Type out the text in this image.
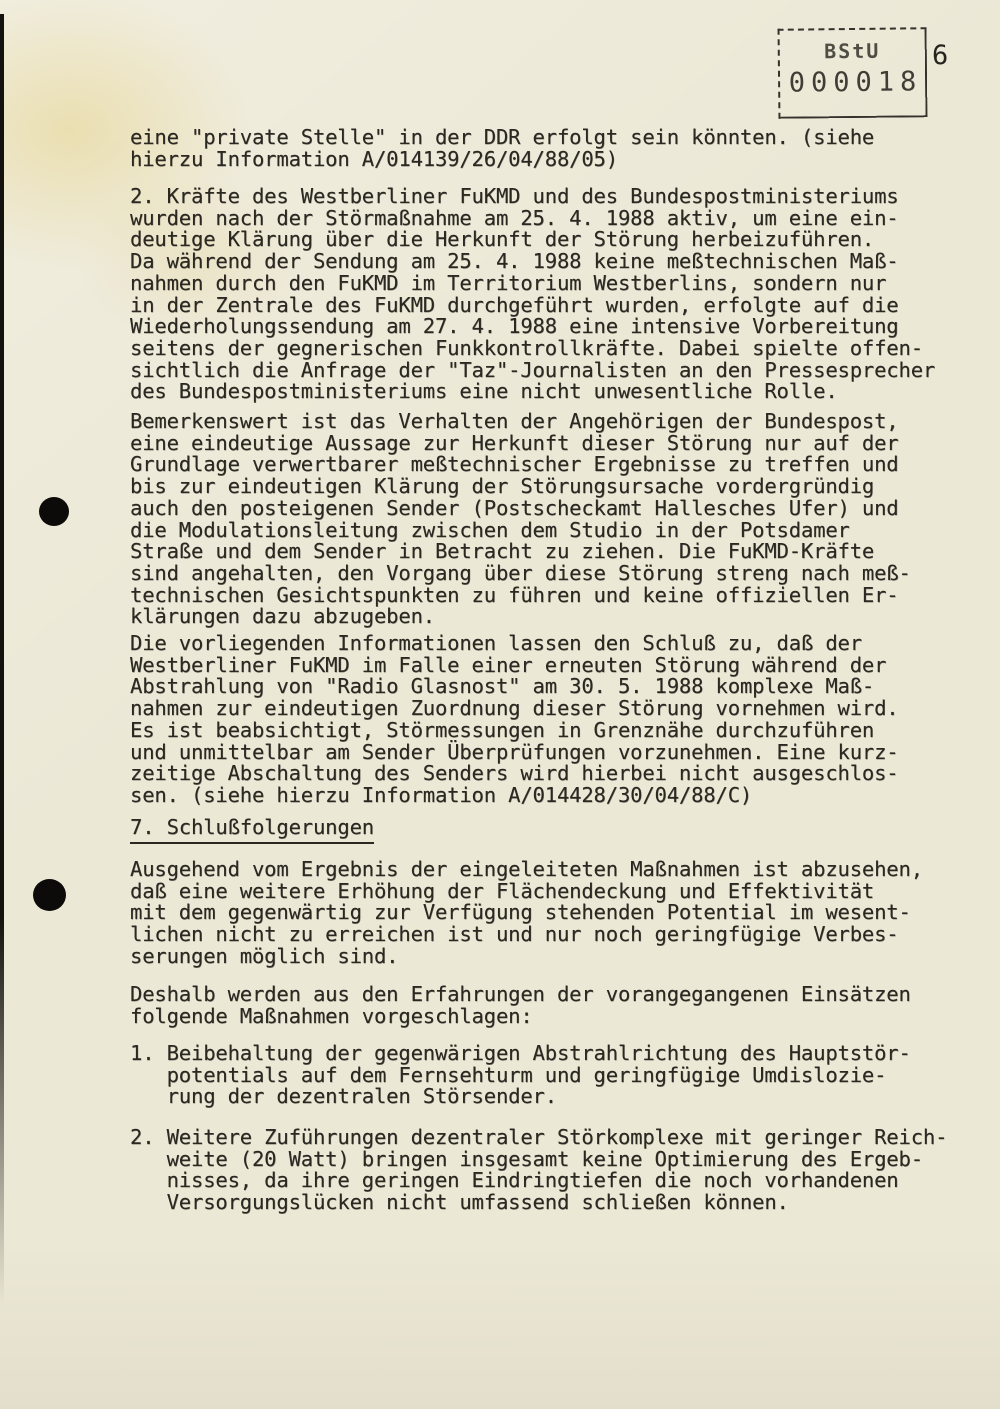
BStU
000018
6
eine "private Stelle" in der DDR erfolgt sein könnten. (siehe
hierzu Information A/014139/26/04/88/05)
2. Kräfte des Westberliner FuKMD und des Bundespostministeriums
wurden nach der Störmaßnahme am 25. 4. 1988 aktiv, um eine ein-
deutige Klärung über die Herkunft der Störung herbeizuführen.
Da während der Sendung am 25. 4. 1988 keine meßtechnischen Maß-
nahmen durch den FuKMD im Territorium Westberlins, sondern nur
in der Zentrale des FuKMD durchgeführt wurden, erfolgte auf die
Wiederholungssendung am 27. 4. 1988 eine intensive Vorbereitung
seitens der gegnerischen Funkkontrollkräfte. Dabei spielte offen-
sichtlich die Anfrage der "Taz"-Journalisten an den Pressesprecher
des Bundespostministeriums eine nicht unwesentliche Rolle.
Bemerkenswert ist das Verhalten der Angehörigen der Bundespost,
eine eindeutige Aussage zur Herkunft dieser Störung nur auf der
Grundlage verwertbarer meßtechnischer Ergebnisse zu treffen und
bis zur eindeutigen Klärung der Störungsursache vordergründig
auch den posteigenen Sender (Postscheckamt Hallesches Ufer) und
die Modulationsleitung zwischen dem Studio in der Potsdamer
Straße und dem Sender in Betracht zu ziehen. Die FuKMD-Kräfte
sind angehalten, den Vorgang über diese Störung streng nach meß-
technischen Gesichtspunkten zu führen und keine offiziellen Er-
klärungen dazu abzugeben.
Die vorliegenden Informationen lassen den Schluß zu, daß der
Westberliner FuKMD im Falle einer erneuten Störung während der
Abstrahlung von "Radio Glasnost" am 30. 5. 1988 komplexe Maß-
nahmen zur eindeutigen Zuordnung dieser Störung vornehmen wird.
Es ist beabsichtigt, Störmessungen in Grenznähe durchzuführen
und unmittelbar am Sender Überprüfungen vorzunehmen. Eine kurz-
zeitige Abschaltung des Senders wird hierbei nicht ausgeschlos-
sen. (siehe hierzu Information A/014428/30/04/88/C)
7. Schlußfolgerungen
Ausgehend vom Ergebnis der eingeleiteten Maßnahmen ist abzusehen,
daß eine weitere Erhöhung der Flächendeckung und Effektivität
mit dem gegenwärtig zur Verfügung stehenden Potential im wesent-
lichen nicht zu erreichen ist und nur noch geringfügige Verbes-
serungen möglich sind.
Deshalb werden aus den Erfahrungen der vorangegangenen Einsätzen
folgende Maßnahmen vorgeschlagen:
1. Beibehaltung der gegenwärigen Abstrahlrichtung des Hauptstör-
potentials auf dem Fernsehturm und geringfügige Umdislozie-
rung der dezentralen Störsender.
2. Weitere Zuführungen dezentraler Störkomplexe mit geringer Reich-
weite (20 Watt) bringen insgesamt keine Optimierung des Ergeb-
nisses, da ihre geringen Eindringtiefen die noch vorhandenen
Versorgungslücken nicht umfassend schließen können.
